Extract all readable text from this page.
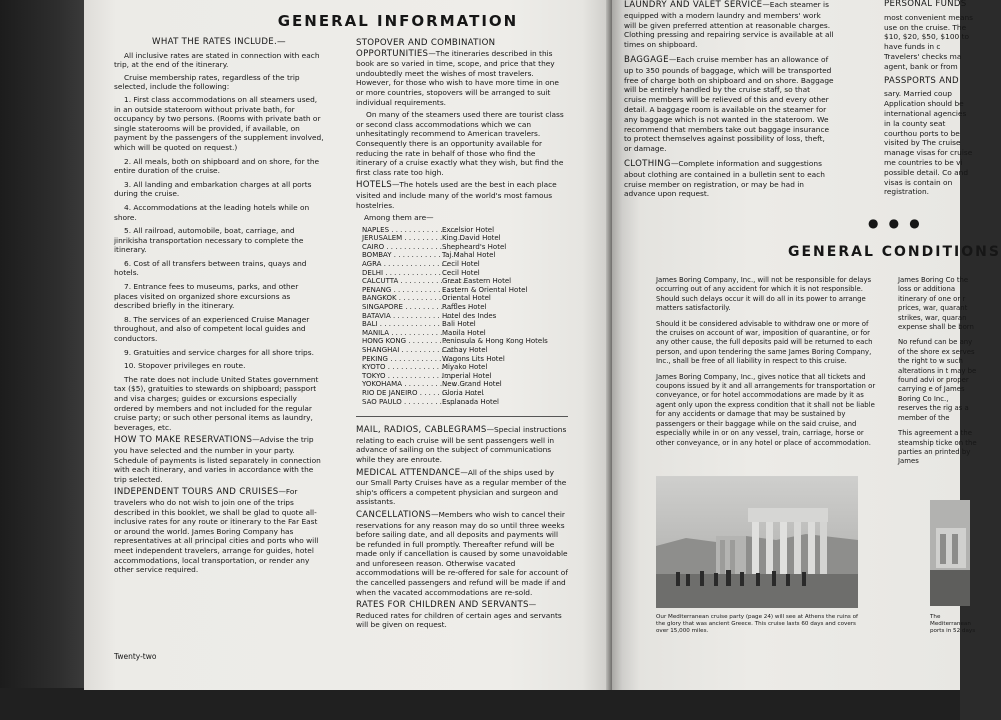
GENERAL INFORMATION

WHAT THE RATES INCLUDE.—

All inclusive rates are stated in connection with each trip, at the end of the itinerary.

Cruise membership rates, regardless of the trip selected, include the following:

1. First class accommodations on all steamers used, in an outside stateroom without private bath, for occupancy by two persons. (Rooms with private bath or single staterooms will be provided, if available, on payment by the passengers of the supplement involved, which will be quoted on request.)

2. All meals, both on shipboard and on shore, for the entire duration of the cruise.

3. All landing and embarkation charges at all ports during the cruise.

4. Accommodations at the leading hotels while on shore.

5. All railroad, automobile, boat, carriage, and jinrikisha transportation necessary to complete the itinerary.

6. Cost of all transfers between trains, quays and hotels.

7. Entrance fees to museums, parks, and other places visited on organized shore excursions as described briefly in the itinerary.

8. The services of an experienced Cruise Manager throughout, and also of competent local guides and conductors.

9. Gratuities and service charges for all shore trips.

10. Stopover privileges en route.

The rate does not include United States government tax ($5), gratuities to stewards on shipboard; passport and visa charges; guides or excursions especially ordered by members and not included for the regular cruise party; or such other personal items as laundry, beverages, etc.

HOW TO MAKE RESERVATIONS—Advise the trip you have selected and the number in your party. Schedule of payments is listed separately in connection with each itinerary, and varies in accordance with the trip selected.

INDEPENDENT TOURS AND CRUISES—For travelers who do not wish to join one of the trips described in this booklet, we shall be glad to quote all-inclusive rates for any route or itinerary to the Far East or around the world. James Boring Company has representatives at all principal cities and ports who will meet independent travelers, arrange for guides, hotel accommodations, local transportation, or render any other service required.

STOPOVER AND COMBINATION OPPORTUNITIES—The itineraries described in this book are so varied in time, scope, and price that they undoubtedly meet the wishes of most travelers. However, for those who wish to have more time in one or more countries, stopovers will be arranged to suit individual requirements.

On many of the steamers used there are tourist class or second class accommodations which we can unhesitatingly recommend to American travelers. Consequently there is an opportunity available for reducing the rate in behalf of those who find the itinerary of a cruise exactly what they wish, but find the first class rate too high.

HOTELS—The hotels used are the best in each place visited and include many of the world's most famous hostelries.

Among them are—
NAPLES . . .	Excelsior Hotel
JERUSALEM . . .	King David Hotel
CAIRO . . .	Shepheard's Hotel
BOMBAY . . .	Taj Mahal Hotel
AGRA . . .	Cecil Hotel
DELHI . . .	Cecil Hotel
CALCUTTA . . .	Great Eastern Hotel
PENANG . . .	Eastern & Oriental Hotel
BANGKOK . . .	Oriental Hotel
SINGAPORE . . .	Raffles Hotel
BATAVIA . . .	Hotel des Indes
BALI . . .	Bali Hotel
MANILA . . .	Manila Hotel
HONG KONG . . .	Peninsula & Hong Kong Hotels
SHANGHAI . . .	Cathay Hotel
PEKING . . .	Wagons Lits Hotel
KYOTO . . .	Miyako Hotel
TOKYO . . .	Imperial Hotel
YOKOHAMA . . .	New Grand Hotel
RIO DE JANEIRO . . .	Gloria Hotel
SAO PAULO . . .	Esplanada Hotel

MAIL, RADIOS, CABLEGRAMS—Special instructions relating to each cruise will be sent passengers well in advance of sailing on the subject of communications while they are enroute.

MEDICAL ATTENDANCE—All of the ships used by our Small Party Cruises have as a regular member of the ship's officers a competent physician and surgeon and assistants.

CANCELLATIONS—Members who wish to cancel their reservations for any reason may do so until three weeks before sailing date, and all deposits and payments will be refunded in full promptly. Thereafter refund will be made only if cancellation is caused by some unavoidable and unforeseen reason. Otherwise vacated accommodations will be re-offered for sale for account of the cancelled passengers and refund will be made if and when the vacated accommodations are re-sold.

RATES FOR CHILDREN AND SERVANTS—Reduced rates for children of certain ages and servants will be given on request.

Twenty-two

LAUNDRY AND VALET SERVICE—Each steamer is equipped with a modern laundry and members' work will be given preferred attention at reasonable charges. Clothing pressing and repairing service is available at all times on shipboard.

BAGGAGE—Each cruise member has an allowance of up to 350 pounds of baggage, which will be transported free of charge both on shipboard and on shore. Baggage will be entirely handled by the cruise staff, so that cruise members will be relieved of this and every other detail. A baggage room is available on the steamer for any baggage which is not wanted in the stateroom. We recommend that members take out baggage insurance to protect themselves against possibility of loss, theft, or damage.

CLOTHING—Complete information and suggestions about clothing are contained in a bulletin sent to each cruise member on registration, or may be had in advance upon request.

PERSONAL FUNDS
most convenient means use on the cruise. The $10, $20, $50, $100 to have funds in c Travelers' checks ma agent, bank or from

PASSPORTS AND
sary. Married coup Application should be international agencies in la county seat courthou ports to be visited by The cruise manage visas for cruise me countries to be vi possible detail. Co and visas is contain on registration.

● ● ●
GENERAL CONDITIONS

James Boring Company, Inc., will not be responsible for delays occurring out of any accident for which it is not responsible. Should such delays occur it will do all in its power to arrange matters satisfactorily.

Should it be considered advisable to withdraw one or more of the cruises on account of war, imposition of quarantine, or for any other cause, the full deposits paid will be returned to each person, and upon tendering the same James Boring Company, Inc., shall be free of all liability in respect to this cruise.

James Boring Company, Inc., gives notice that all tickets and coupons issued by it and all arrangements for transportation or conveyance, or for hotel accommodations are made by it as agent only upon the express condition that it shall not be liable for any accidents or damage that may be sustained by passengers or their baggage while on the said cruise, and especially while in or on any vessel, train, carriage, horse or other conveyance, or in any hotel or place of accommodation.

James Boring Co the loss or additiona itinerary of one or r prices, war, quarant strikes, war, quaran expense shall be born

No refund can be any of the shore ex serves the right to w such alterations in t may be found advi or proper carrying e of James Boring Co Inc., reserves the rig as a member of the

This agreement a the steamship ticke on the parties an printed by James

Our Mediterranean cruise party (page 24) will see at Athens the ruins of the glory that was ancient Greece. This cruise lasts 60 days and covers over 15,000 miles.
The Mediterranean ports in 52 days
